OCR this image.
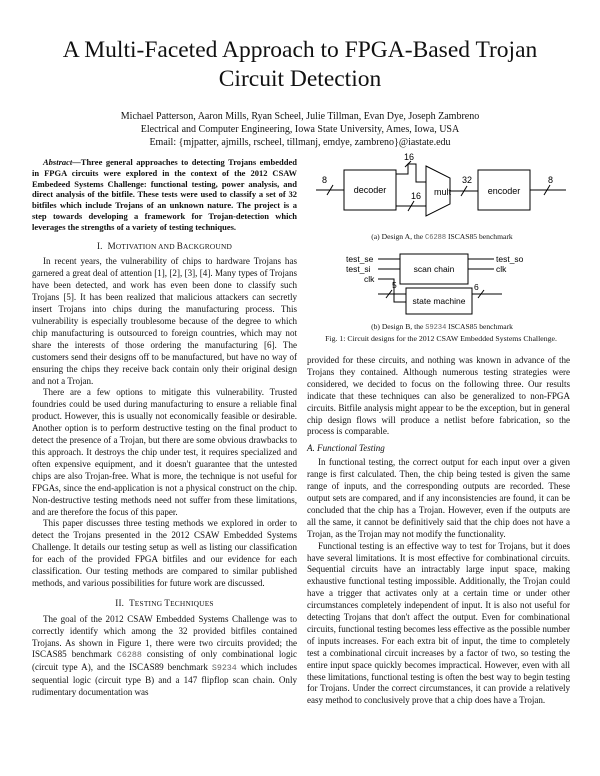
A Multi-Faceted Approach to FPGA-Based Trojan
Circuit Detection
Michael Patterson, Aaron Mills, Ryan Scheel, Julie Tillman, Evan Dye, Joseph Zambreno
Electrical and Computer Engineering, Iowa State University, Ames, Iowa, USA
Email: {mjpatter, ajmills, rscheel, tillmanj, emdye, zambreno}@iastate.edu

Abstract—Three general approaches to detecting Trojans embedded in FPGA circuits were explored in the context of the 2012 CSAW Embedeed Systems Challenge: functional testing, power analysis, and direct analysis of the bitfile. These tests were used to classify a set of 32 bitfiles which include Trojans of an unknown nature. The project is a step towards developing a framework for Trojan-detection which leverages the strengths of a variety of testing techniques.

I. MOTIVATION AND BACKGROUND

In recent years, the vulnerability of chips to hardware Trojans has garnered a great deal of attention [1], [2], [3], [4]. Many types of Trojans have been detected, and work has even been done to classify such Trojans [5]. It has been realized that malicious attackers can secretly insert Trojans into chips during the manufacturing process. This vulnerability is especially troublesome because of the degree to which chip manufacturing is outsourced to foreign countries, which may not share the interests of those ordering the manufacturing [6]. The customers send their designs off to be manufactured, but have no way of ensuring the chips they receive back contain only their original design and not a Trojan.

There are a few options to mitigate this vulnerability. Trusted foundries could be used during manufacturing to ensure a reliable final product. However, this is usually not economically feasible or desirable. Another option is to perform destructive testing on the final product to detect the presence of a Trojan, but there are some obvious drawbacks to this approach. It destroys the chip under test, it requires specialized and often expensive equipment, and it doesn't guarantee that the untested chips are also Trojan-free. What is more, the technique is not useful for FPGAs, since the end-application is not a physical construct on the chip. Non-destructive testing methods need not suffer from these limitations, and are therefore the focus of this paper.

This paper discusses three testing methods we explored in order to detect the Trojans presented in the 2012 CSAW Embedded Systems Challenge. It details our testing setup as well as listing our classification for each of the provided FPGA bitfiles and our evidence for each classification. Our testing methods are compared to similar published methods, and various possibilities for future work are discussed.

II. TESTING TECHNIQUES

The goal of the 2012 CSAW Embedded Systems Challenge was to correctly identify which among the 32 provided bitfiles contained Trojans. As shown in Figure 1, there were two circuits provided; the ISCAS85 benchmark C6288 consisting of only combinational logic (circuit type A), and the ISCAS89 benchmark S9234 which includes sequential logic (circuit type B) and a 147 flipflop scan chain. Only rudimentary documentation was

8
decoder
16
16 mult
32
encoder
8
(a) Design A, the C6288 ISCAS85 benchmark
test_se
test_si
clk
scan chain
test_so
clk
5
state machine
6
(b) Design B, the S9234 ISCAS85 benchmark
Fig. 1: Circuit designs for the 2012 CSAW Embedded Systems Challenge.

provided for these circuits, and nothing was known in advance of the Trojans they contained. Although numerous testing strategies were considered, we decided to focus on the following three. Our results indicate that these techniques can also be generalized to non-FPGA circuits. Bitfile analysis might appear to be the exception, but in general chip design flows will produce a netlist before fabrication, so the process is comparable.

A. Functional Testing

In functional testing, the correct output for each input over a given range is first calculated. Then, the chip being tested is given the same range of inputs, and the corresponding outputs are recorded. These output sets are compared, and if any inconsistencies are found, it can be concluded that the chip has a Trojan. However, even if the outputs are all the same, it cannot be definitively said that the chip does not have a Trojan, as the Trojan may not modify the functionality.

Functional testing is an effective way to test for Trojans, but it does have several limitations. It is most effective for combinational circuits. Sequential circuits have an intractably large input space, making exhaustive functional testing impossible. Additionally, the Trojan could have a trigger that activates only at a certain time or under other circumstances completely independent of input. It is also not useful for detecting Trojans that don't affect the output. Even for combinational circuits, functional testing becomes less effective as the possible number of inputs increases. For each extra bit of input, the time to completely test a combinational circuit increases by a factor of two, so testing the entire input space quickly becomes impractical. However, even with all these limitations, functional testing is often the best way to begin testing for Trojans. Under the correct circumstances, it can provide a relatively easy method to conclusively prove that a chip does have a Trojan.
